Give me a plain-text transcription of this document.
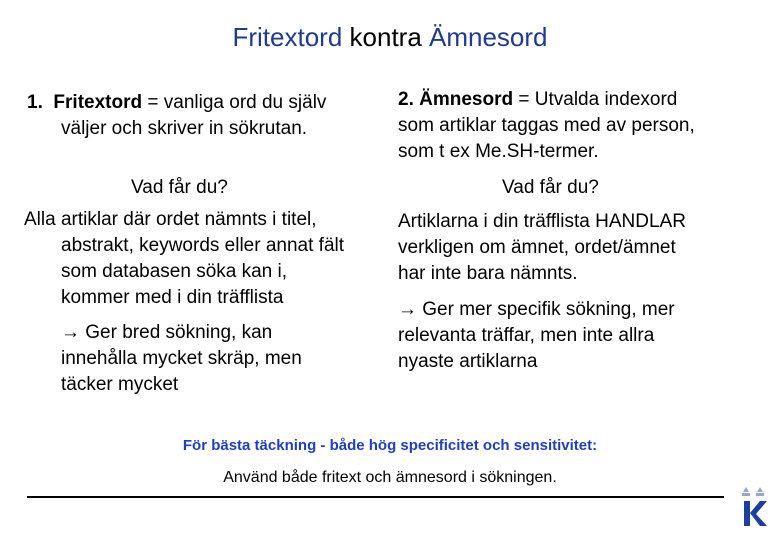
Fritextord kontra Ämnesord
1. Fritextord = vanliga ord du själv
väljer och skriver in sökrutan.
Vad får du?
Alla artiklar där ordet nämnts i titel,
abstrakt, keywords eller annat fält
som databasen söka kan i,
kommer med i din träfflista
→ Ger bred sökning, kan
innehålla mycket skräp, men
täcker mycket
2. Ämnesord = Utvalda indexord
som artiklar taggas med av person,
som t ex Me.SH-termer.
Vad får du?
Artiklarna i din träfflista HANDLAR
verkligen om ämnet, ordet/ämnet
har inte bara nämnts.
→ Ger mer specifik sökning, mer
relevanta träffar, men inte allra
nyaste artiklarna
För bästa täckning - både hög specificitet och sensitivitet:
Använd både fritext och ämnesord i sökningen.
